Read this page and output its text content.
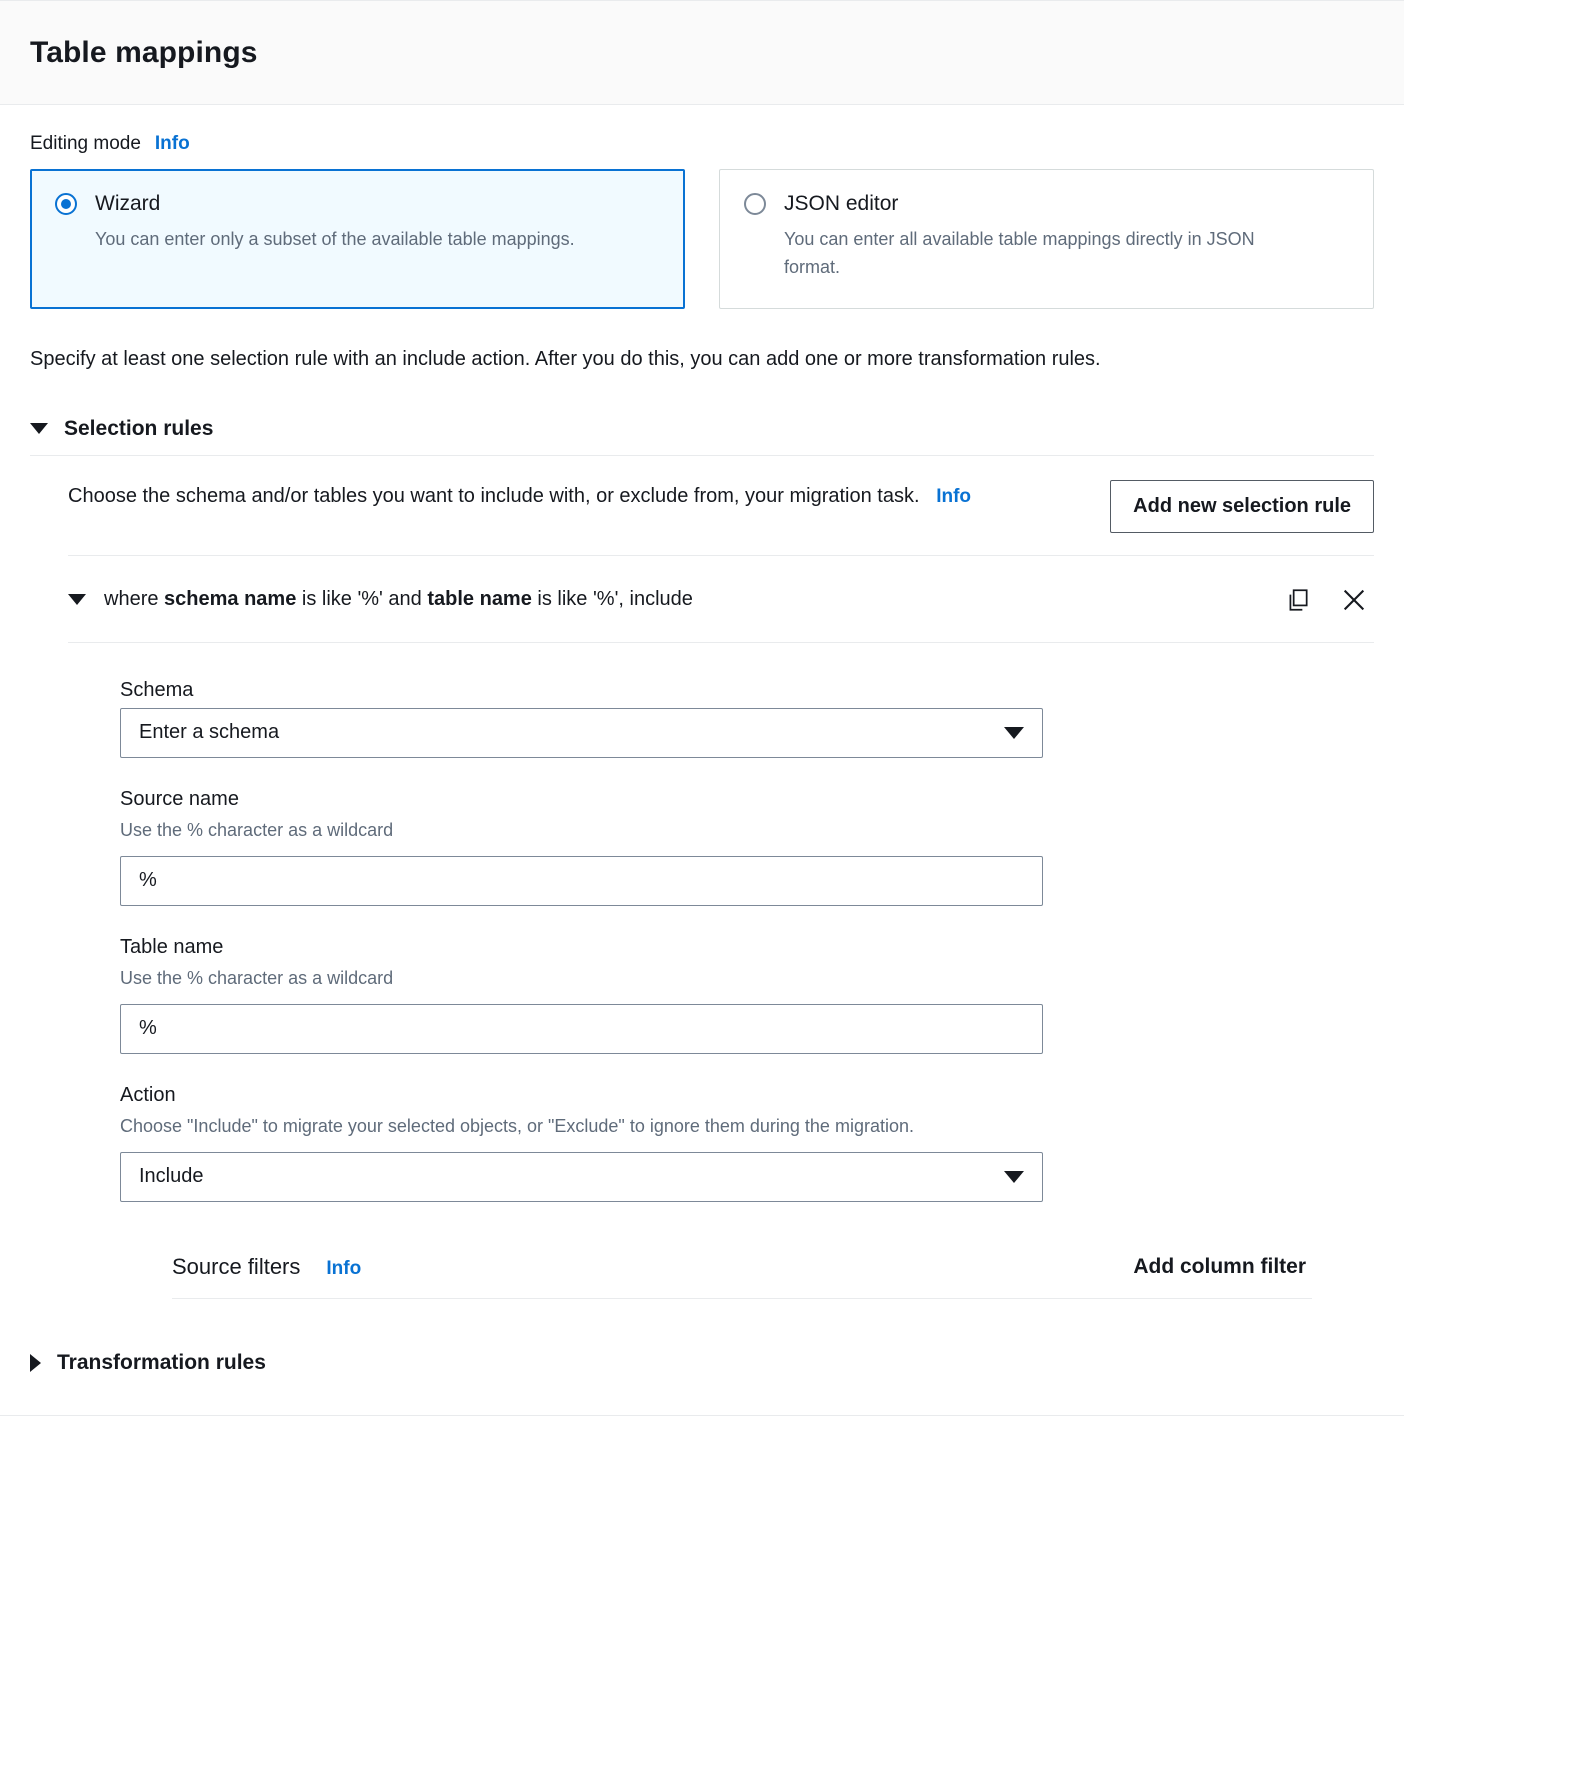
Table mappings
Editing mode Info
Wizard
You can enter only a subset of the available table mappings.
JSON editor
You can enter all available table mappings directly in JSON format.
Specify at least one selection rule with an include action. After you do this, you can add one or more transformation rules.
Selection rules
Choose the schema and/or tables you want to include with, or exclude from, your migration task. Info	Add new selection rule
where schema name is like '%' and table name is like '%', include
Schema
Enter a schema
Source name
Use the % character as a wildcard
%
Table name
Use the % character as a wildcard
%
Action
Choose "Include" to migrate your selected objects, or "Exclude" to ignore them during the migration.
Include
Source filters Info	Add column filter
Transformation rules
